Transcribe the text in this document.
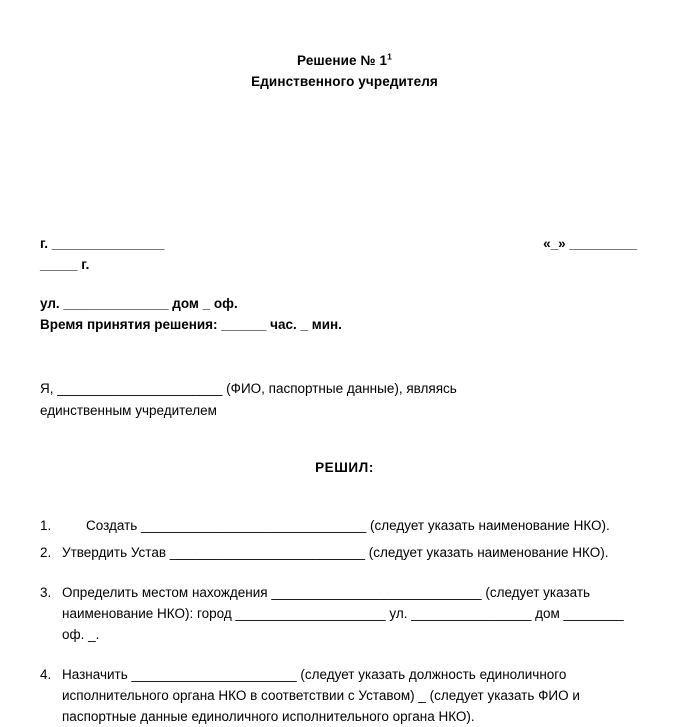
Решение № $1^1$
Единственного учредителя
г. _______________	«_» _________
_____ г.
ул. ______________ дом _ оф.
Время принятия решения: ______ час. _ мин.
Я, ______________________ (ФИО, паспортные данные), являясь
единственным учредителем
РЕШИЛ:
1.	Создать ______________________________ (следует указать наименование НКО).

2. Утвердить Устав __________________________ (следует указать наименование НКО).

3. Определить местом нахождения ____________________________ (следует указать

наименование НКО): город ____________________ ул. ________________ дом ________

оф. _.

4. Назначить ______________________ (следует указать должность единоличного

исполнительного органа НКО в соответствии с Уставом) _ (следует указать ФИО и

паспортные данные единоличного исполнительного органа НКО).
